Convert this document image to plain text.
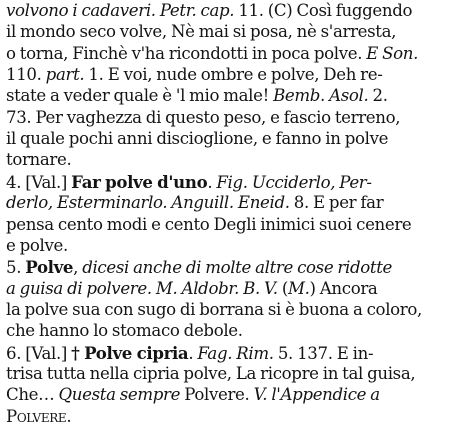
volvono i cadaveri. Petr. cap. 11. (C) Così fuggendo
il mondo seco volve, Nè mai si posa, nè s'arresta,
o torna, Finchè v'ha ricondotti in poca polve. E Son.
110. part. 1. E voi, nude ombre e polve, Deh re-
state a veder quale è 'l mio male! Bemb. Asol. 2.
73. Per vaghezza di questo peso, e fascio terreno,
il quale pochi anni discioglione, e fanno in polve
tornare.
4. [Val.] Far polve d'uno. Fig. Ucciderlo, Per-
derlo, Esterminarlo. Anguill. Eneid. 8. E per far
pensa cento modi e cento Degli inimici suoi cenere
e polve.
5. Polve, dicesi anche di molte altre cose ridotte
a guisa di polvere. M. Aldobr. B. V. (M.) Ancora
la polve sua con sugo di borrana si è buona a coloro,
che hanno lo stomaco debole.
6. [Val.] † Polve cipria. Fag. Rim. 5. 137. E in-
trisa tutta nella cipria polve, La ricopre in tal guisa,
Che… Questa sempre Polvere. V. l'Appendice a
Polvere.
